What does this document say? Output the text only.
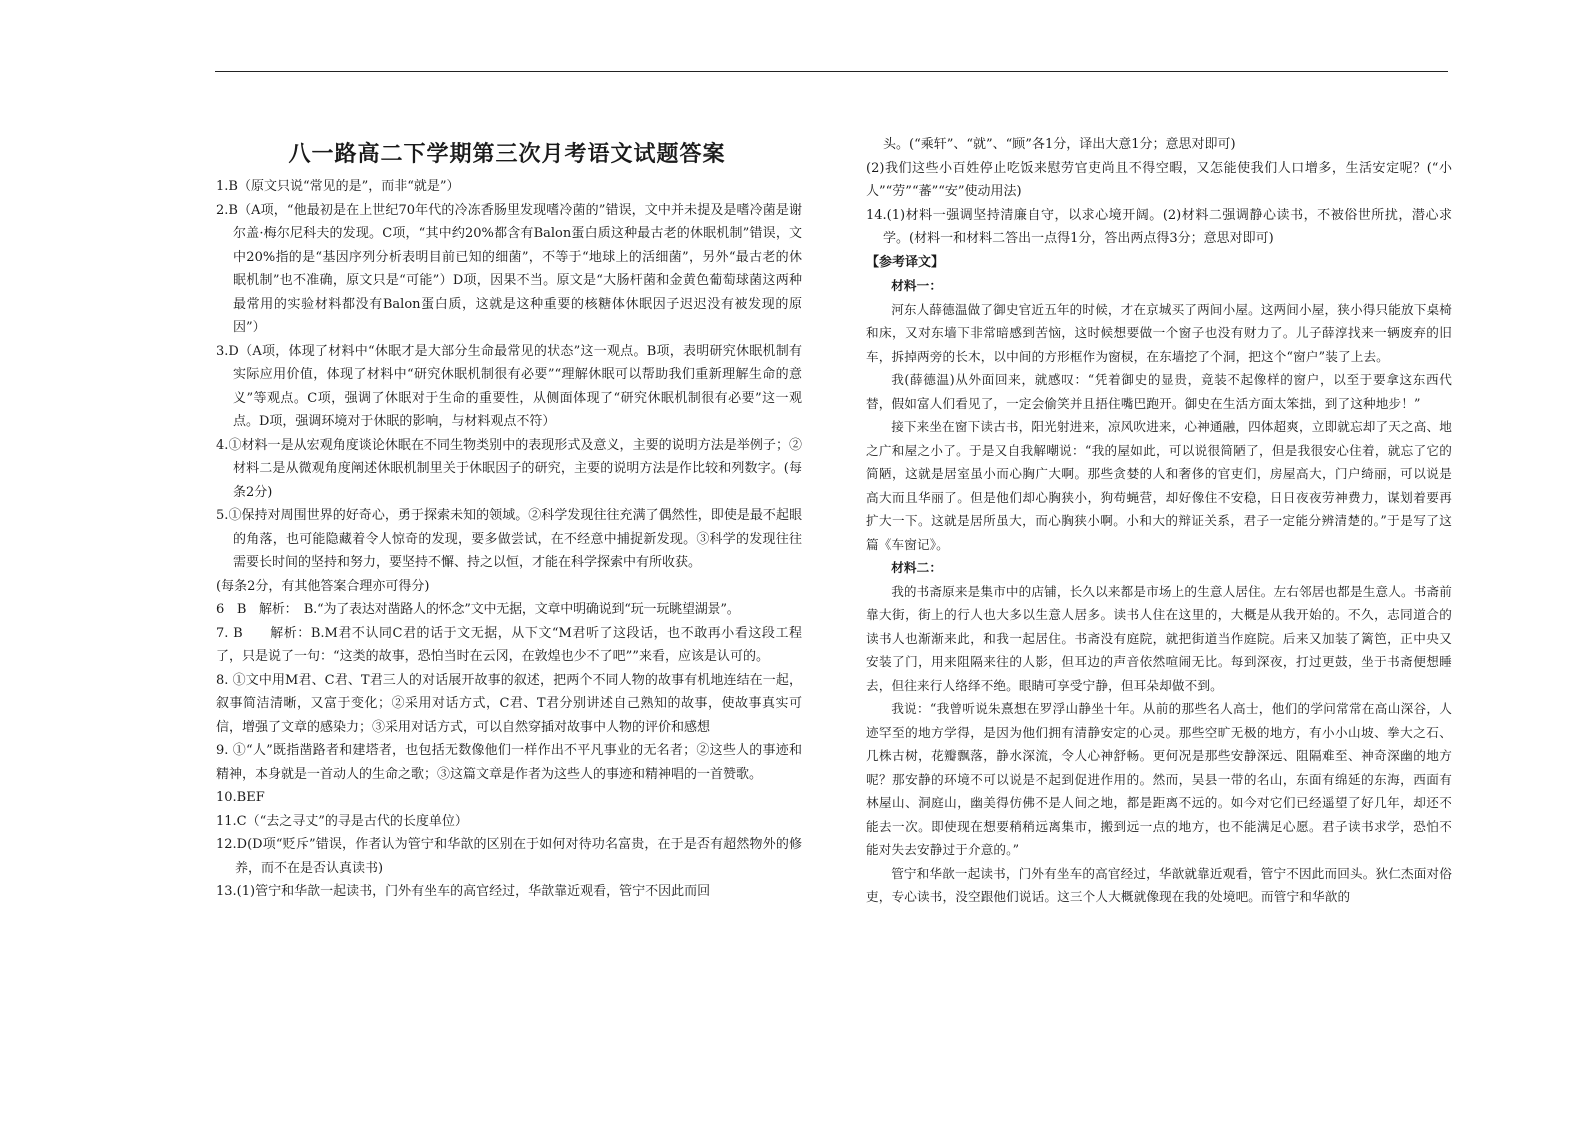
八一路高二下学期第三次月考语文试题答案

1.B（原文只说“常见的是”，而非“就是”）

2.B（A项，“他最初是在上世纪70年代的冷冻香肠里发现嗜冷菌的”错误，文中并未提及是嗜冷菌是谢尔盖·梅尔尼科夫的发现。C项，“其中约20%都含有Balon蛋白质这种最古老的休眠机制”错误，文中20%指的是“基因序列分析表明目前已知的细菌”，不等于“地球上的活细菌”，另外“最古老的休眠机制”也不准确，原文只是“可能”）D项，因果不当。原文是“大肠杆菌和金黄色葡萄球菌这两种最常用的实验材料都没有Balon蛋白质，这就是这种重要的核糖体休眠因子迟迟没有被发现的原因”）

3.D（A项，体现了材料中“休眠才是大部分生命最常见的状态”这一观点。B项，表明研究休眠机制有实际应用价值，体现了材料中“研究休眠机制很有必要”“理解休眠可以帮助我们重新理解生命的意义”等观点。C项，强调了休眠对于生命的重要性，从侧面体现了“研究休眠机制很有必要”这一观点。D项，强调环境对于休眠的影响，与材料观点不符）

4.①材料一是从宏观角度谈论休眠在不同生物类别中的表现形式及意义，主要的说明方法是举例子；②材料二是从微观角度阐述休眠机制里关于休眠因子的研究，主要的说明方法是作比较和列数字。(每条2分)

5.①保持对周围世界的好奇心，勇于探索未知的领域。②科学发现往往充满了偶然性，即使是最不起眼的角落，也可能隐藏着令人惊奇的发现，要多做尝试，在不经意中捕捉新发现。③科学的发现往往需要长时间的坚持和努力，要坚持不懈、持之以恒，才能在科学探索中有所收获。

(每条2分，有其他答案合理亦可得分)

6　B　解析：　B.“为了表达对凿路人的怀念”文中无据，文章中明确说到“玩一玩眺望湖景”。

7. B　　解析：B.M君不认同C君的话于文无据，从下文“M君听了这段话，也不敢再小看这段工程了，只是说了一句：“这类的故事，恐怕当时在云冈，在敦煌也少不了吧””来看，应该是认可的。

8. ①文中用M君、C君、T君三人的对话展开故事的叙述，把两个不同人物的故事有机地连结在一起，叙事简洁清晰，又富于变化；②采用对话方式，C君、T君分别讲述自己熟知的故事，使故事真实可信，增强了文章的感染力；③采用对话方式，可以自然穿插对故事中人物的评价和感想

9. ①“人”既指凿路者和建塔者，也包括无数像他们一样作出不平凡事业的无名者；②这些人的事迹和精神，本身就是一首动人的生命之歌；③这篇文章是作者为这些人的事迹和精神唱的一首赞歌。

10.BEF

11.C（“去之寻丈”的寻是古代的长度单位）

12.D(D项“贬斥”错误，作者认为管宁和华歆的区别在于如何对待功名富贵，在于是否有超然物外的修养，而不在是否认真读书)

13.(1)管宁和华歆一起读书，门外有坐车的高官经过，华歆靠近观看，管宁不因此而回

头。(“乘轩”、“就”、“顾”各1分，译出大意1分；意思对即可)

(2)我们这些小百姓停止吃饭来慰劳官吏尚且不得空暇，又怎能使我们人口增多，生活安定呢？(“小人”“劳”“蕃”“安”使动用法)

14.(1)材料一强调坚持清廉自守，以求心境开阔。(2)材料二强调静心读书，不被俗世所扰，潜心求学。(材料一和材料二答出一点得1分，答出两点得3分；意思对即可)

【参考译文】

材料一：

河东人薛德温做了御史官近五年的时候，才在京城买了两间小屋。这两间小屋，狭小得只能放下桌椅和床，又对东墙下非常暗感到苦恼，这时候想要做一个窗子也没有财力了。儿子薛淳找来一辆废弃的旧车，拆掉两旁的长木，以中间的方形框作为窗棂，在东墙挖了个洞，把这个“窗户”装了上去。

我(薛德温)从外面回来，就感叹：“凭着御史的显贵，竟装不起像样的窗户，以至于要拿这东西代替，假如富人们看见了，一定会偷笑并且捂住嘴巴跑开。御史在生活方面太笨拙，到了这种地步！”

接下来坐在窗下读古书，阳光射进来，凉风吹进来，心神通融，四体超爽，立即就忘却了天之高、地之广和屋之小了。于是又自我解嘲说：“我的屋如此，可以说很简陋了，但是我很安心住着，就忘了它的简陋，这就是居室虽小而心胸广大啊。那些贪婪的人和奢侈的官吏们，房屋高大，门户绮丽，可以说是高大而且华丽了。但是他们却心胸狭小，狗苟蝇营，却好像住不安稳，日日夜夜劳神费力，谋划着要再扩大一下。这就是居所虽大，而心胸狭小啊。小和大的辩证关系，君子一定能分辨清楚的。”于是写了这篇《车窗记》。

材料二：

我的书斋原来是集市中的店铺，长久以来都是市场上的生意人居住。左右邻居也都是生意人。书斋前靠大街，街上的行人也大多以生意人居多。读书人住在这里的，大概是从我开始的。不久，志同道合的读书人也渐渐来此，和我一起居住。书斋没有庭院，就把街道当作庭院。后来又加装了篱笆，正中央又安装了门，用来阻隔来往的人影，但耳边的声音依然喧闹无比。每到深夜，打过更鼓，坐于书斋便想睡去，但往来行人络绎不绝。眼睛可享受宁静，但耳朵却做不到。

我说：“我曾听说朱熹想在罗浮山静坐十年。从前的那些名人高士，他们的学问常常在高山深谷，人迹罕至的地方学得，是因为他们拥有清静安定的心灵。那些空旷无极的地方，有小小山坡、拳大之石、几株古树，花瓣飘落，静水深流，令人心神舒畅。更何况是那些安静深远、阻隔难至、神奇深幽的地方呢？那安静的环境不可以说是不起到促进作用的。然而，吴县一带的名山，东面有绵延的东海，西面有林屋山、洞庭山，幽美得仿佛不是人间之地，都是距离不远的。如今对它们已经遥望了好几年，却还不能去一次。即使现在想要稍稍远离集市，搬到远一点的地方，也不能满足心愿。君子读书求学，恐怕不能对失去安静过于介意的。”

管宁和华歆一起读书，门外有坐车的高官经过，华歆就靠近观看，管宁不因此而回头。狄仁杰面对俗吏，专心读书，没空跟他们说话。这三个人大概就像现在我的处境吧。而管宁和华歆的
